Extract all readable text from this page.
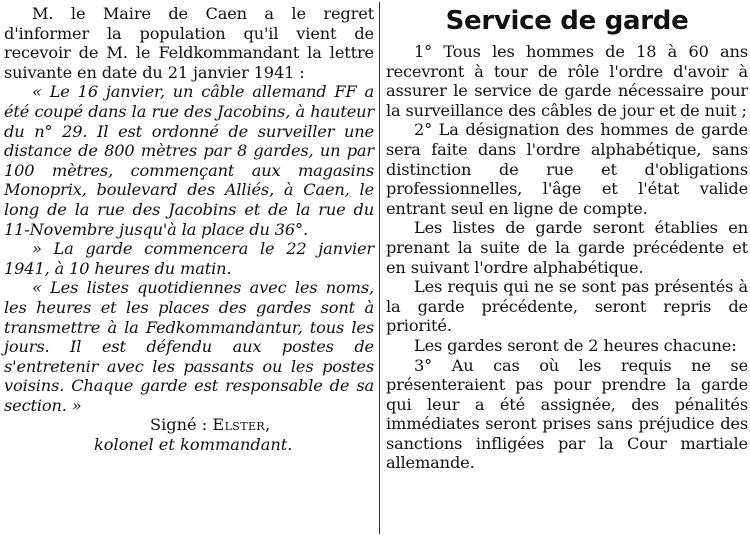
M. le Maire de Caen a le regret d'informer la population qu'il vient de recevoir de M. le Feldkommandant la lettre suivante en date du 21 janvier 1941 :

« Le 16 janvier, un câble allemand FF a été coupé dans la rue des Jacobins, à hauteur du n° 29. Il est ordonné de surveiller une distance de 800 mètres par 8 gardes, un par 100 mètres, commençant aux magasins Monoprix, boulevard des Alliés, à Caen, le long de la rue des Jacobins et de la rue du 11-Novembre jusqu'à la place du 36°.

» La garde commencera le 22 janvier 1941, à 10 heures du matin.

« Les listes quotidiennes avec les noms, les heures et les places des gardes sont à transmettre à la Fedkommandantur, tous les jours. Il est défendu aux postes de s'entretenir avec les passants ou les postes voisins. Chaque garde est responsable de sa section. »

Signé : Elster,
kolonel et kommandant.
Service de garde

1° Tous les hommes de 18 à 60 ans recevront à tour de rôle l'ordre d'avoir à assurer le service de garde nécessaire pour la surveillance des câbles de jour et de nuit ;

2° La désignation des hommes de garde sera faite dans l'ordre alphabétique, sans distinction de rue et d'obligations professionnelles, l'âge et l'état valide entrant seul en ligne de compte.

Les listes de garde seront établies en prenant la suite de la garde précédente et en suivant l'ordre alphabétique.

Les requis qui ne se sont pas présentés à la garde précédente, seront repris de priorité.

Les gardes seront de 2 heures chacune:

3° Au cas où les requis ne se présenteraient pas pour prendre la garde qui leur a été assignée, des pénalités immédiates seront prises sans préjudice des sanctions infligées par la Cour martiale allemande.
